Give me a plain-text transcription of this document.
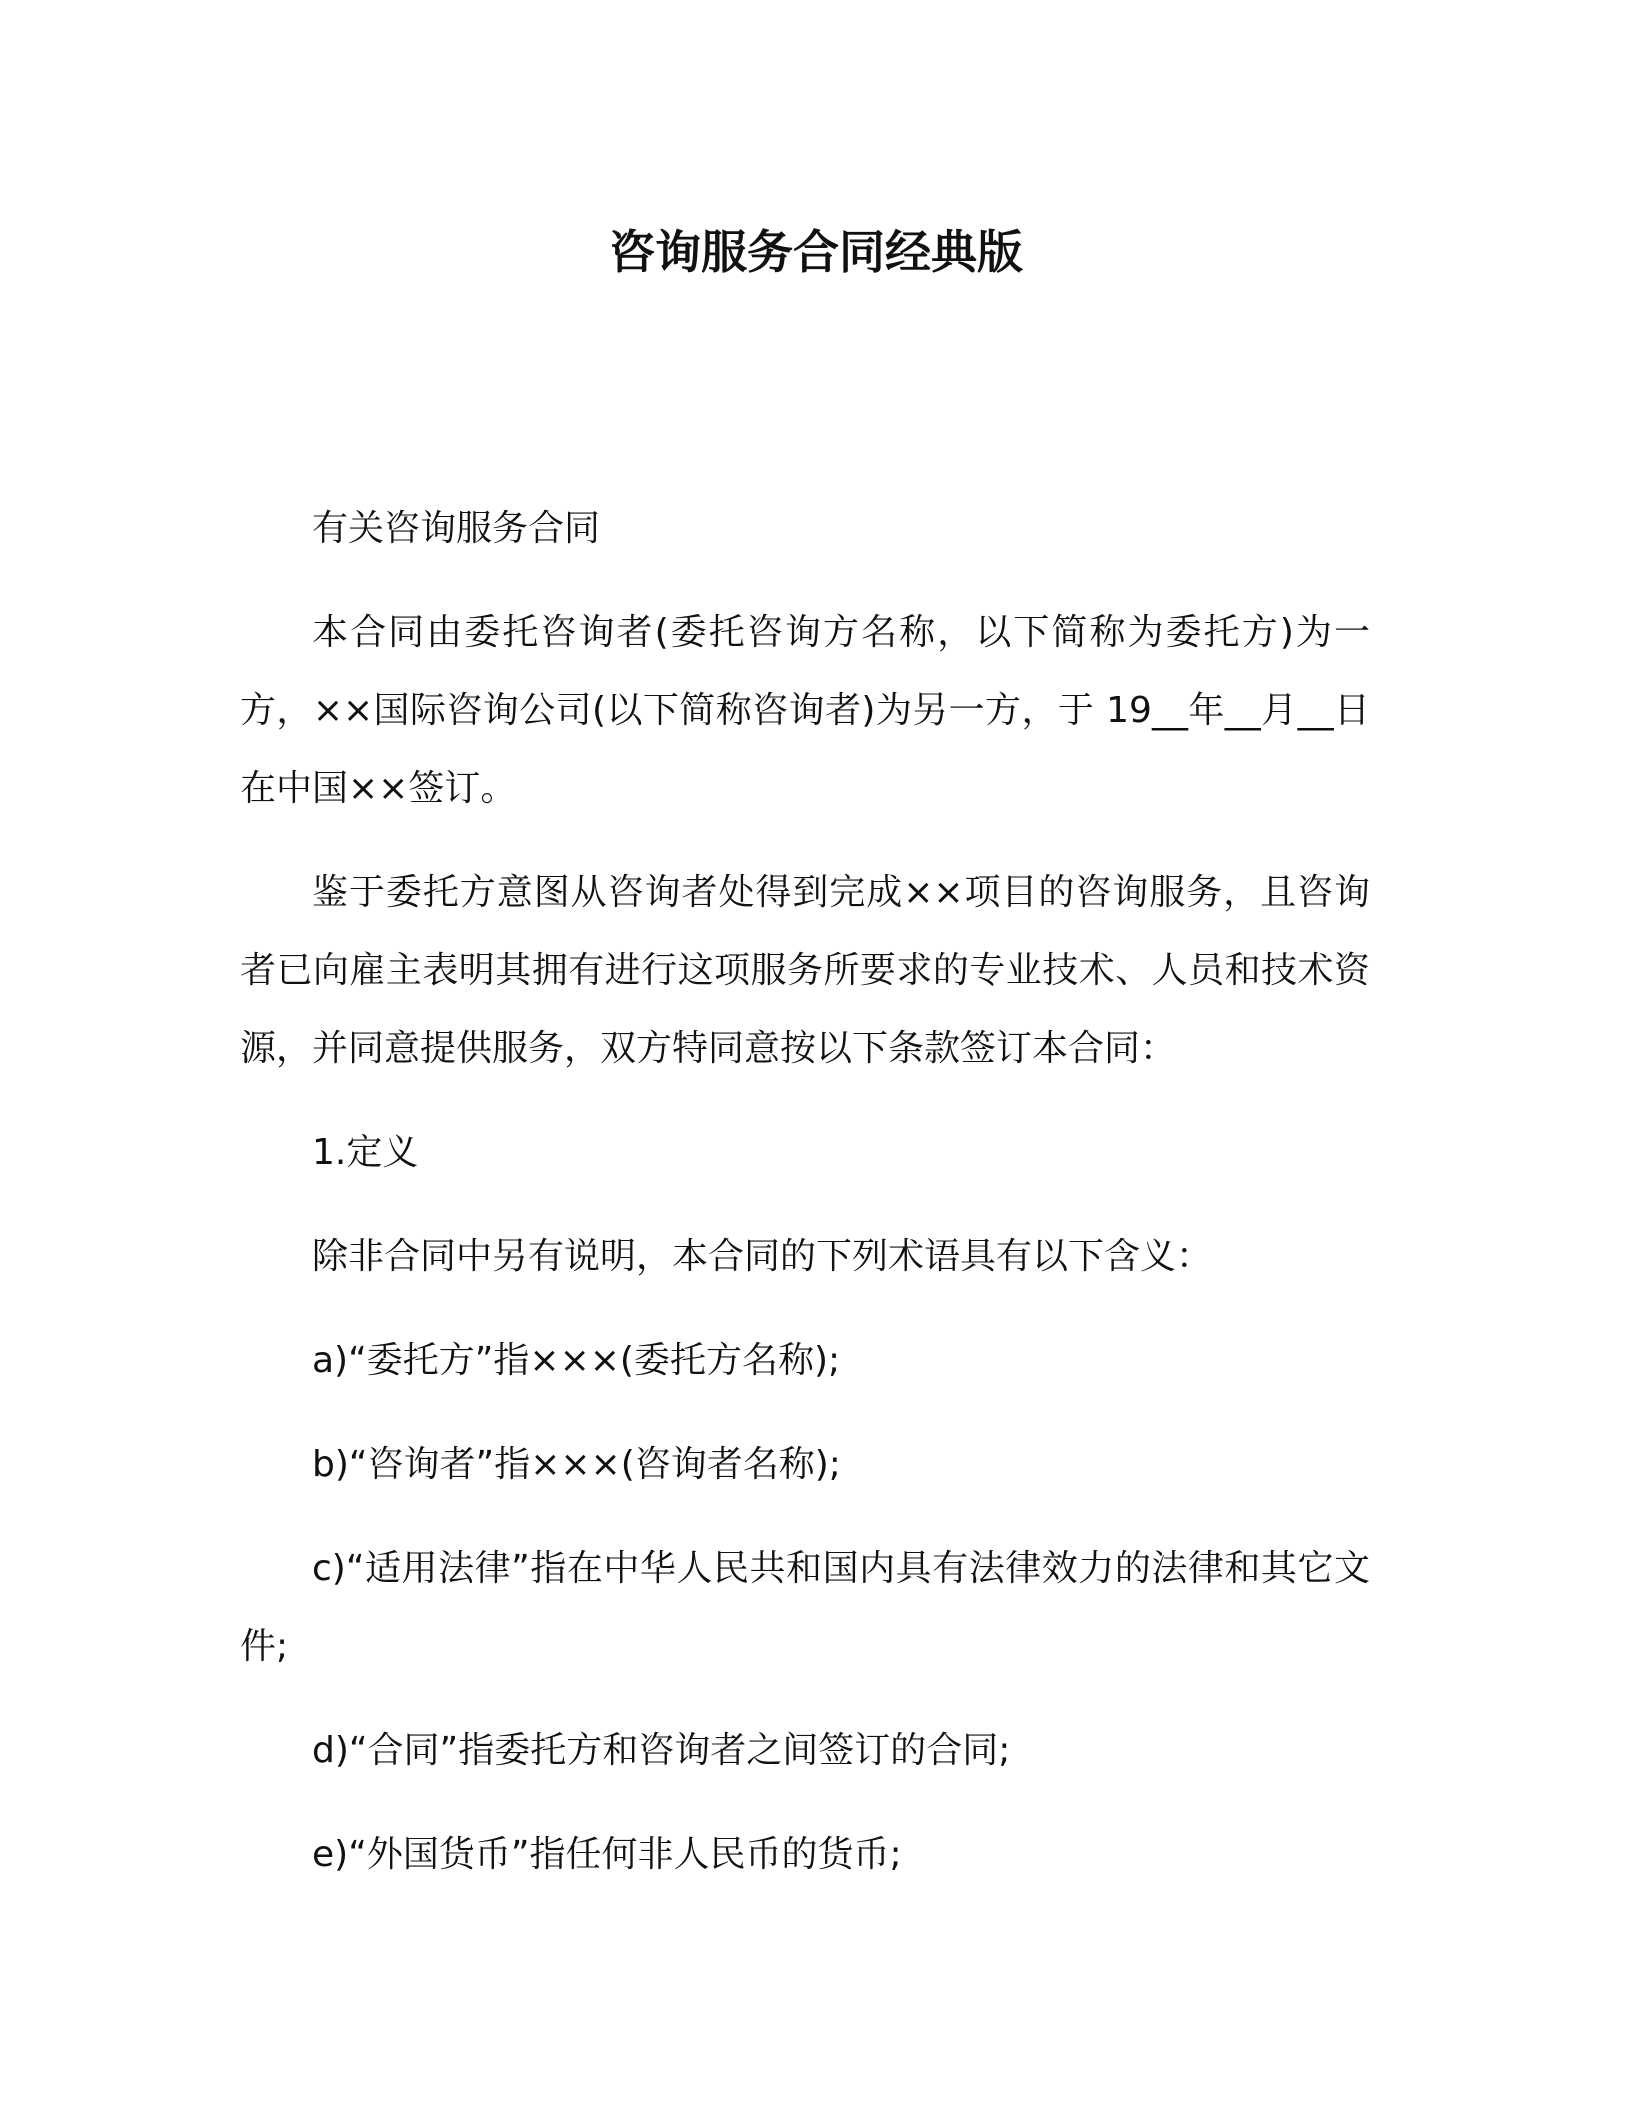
咨询服务合同经典版

有关咨询服务合同

本合同由委托咨询者(委托咨询方名称，以下简称为委托方)为一方，××国际咨询公司(以下简称咨询者)为另一方，于 19__年__月__日在中国××签订。

鉴于委托方意图从咨询者处得到完成××项目的咨询服务，且咨询者已向雇主表明其拥有进行这项服务所要求的专业技术、人员和技术资源，并同意提供服务，双方特同意按以下条款签订本合同：

1.定义

除非合同中另有说明，本合同的下列术语具有以下含义：

a)“委托方”指×××(委托方名称);

b)“咨询者”指×××(咨询者名称);

c)“适用法律”指在中华人民共和国内具有法律效力的法律和其它文件;

d)“合同”指委托方和咨询者之间签订的合同;

e)“外国货币”指任何非人民币的货币;
